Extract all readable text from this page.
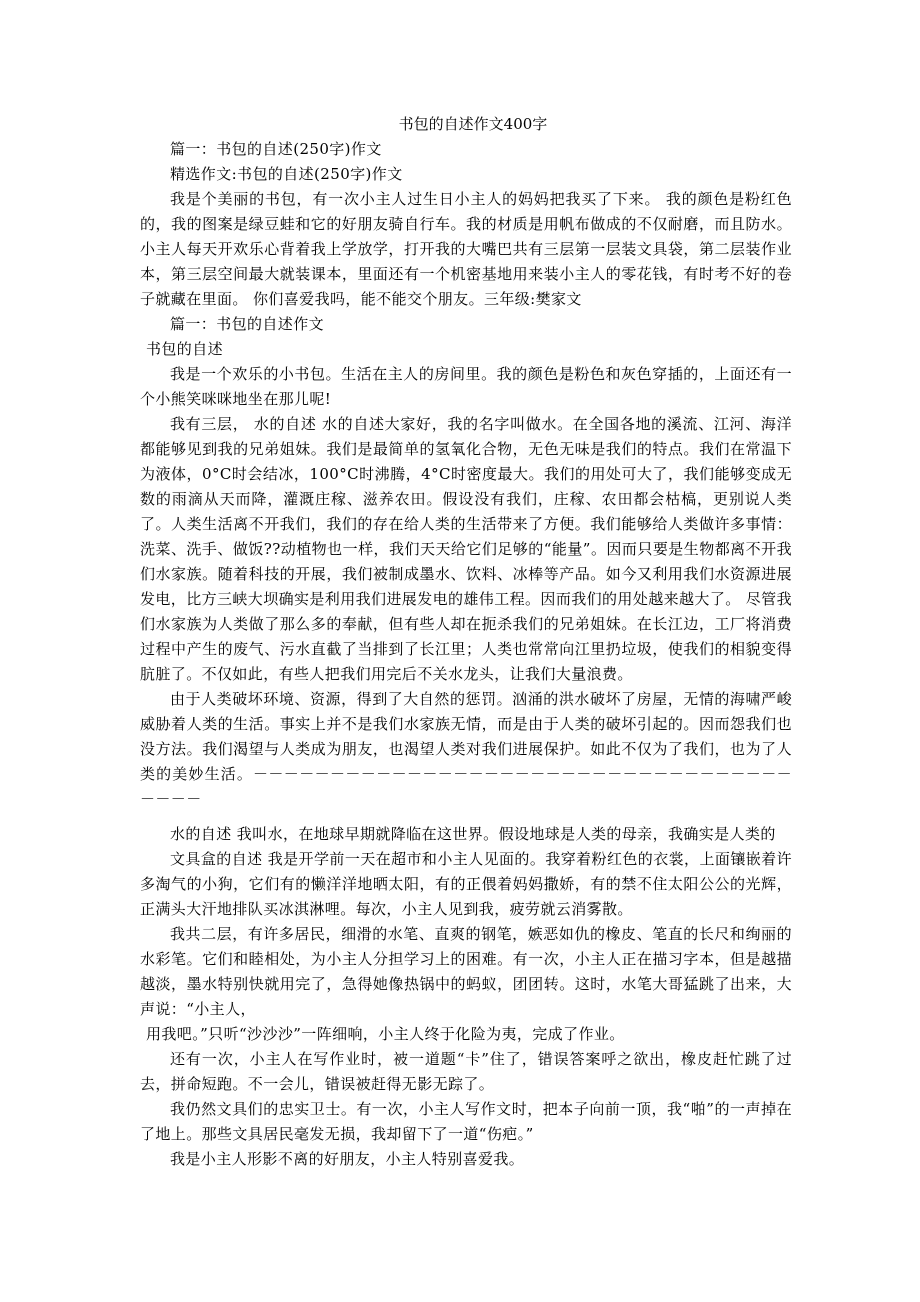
书包的自述作文400字

篇一：书包的自述(250字)作文

精选作文:书包的自述(250字)作文

我是个美丽的书包，有一次小主人过生日小主人的妈妈把我买了下来。 我的颜色是粉红色的，我的图案是绿豆蛙和它的好朋友骑自行车。我的材质是用帆布做成的不仅耐磨，而且防水。小主人每天开欢乐心背着我上学放学，打开我的大嘴巴共有三层第一层装文具袋，第二层装作业本，第三层空间最大就装课本，里面还有一个机密基地用来装小主人的零花钱，有时考不好的卷子就藏在里面。 你们喜爱我吗，能不能交个朋友。三年级:樊家文

篇一：书包的自述作文

书包的自述

我是一个欢乐的小书包。生活在主人的房间里。我的颜色是粉色和灰色穿插的，上面还有一个小熊笑咪咪地坐在那儿呢!

我有三层， 水的自述 水的自述大家好，我的名字叫做水。在全国各地的溪流、江河、海洋都能够见到我的兄弟姐妹。我们是最简单的氢氧化合物，无色无味是我们的特点。我们在常温下为液体，0°C时会结冰，100°C时沸腾，4°C时密度最大。我们的用处可大了，我们能够变成无数的雨滴从天而降，灌溉庄稼、滋养农田。假设没有我们，庄稼、农田都会枯槁，更别说人类了。人类生活离不开我们，我们的存在给人类的生活带来了方便。我们能够给人类做许多事情：洗菜、洗手、做饭??动植物也一样，我们天天给它们足够的“能量”。因而只要是生物都离不开我们水家族。随着科技的开展，我们被制成墨水、饮料、冰棒等产品。如今又利用我们水资源进展发电，比方三峡大坝确实是利用我们进展发电的雄伟工程。因而我们的用处越来越大了。 尽管我们水家族为人类做了那么多的奉献，但有些人却在扼杀我们的兄弟姐妹。在长江边，工厂将消费过程中产生的废气、污水直截了当排到了长江里；人类也常常向江里扔垃圾，使我们的相貌变得肮脏了。不仅如此，有些人把我们用完后不关水龙头，让我们大量浪费。

由于人类破坏环境、资源，得到了大自然的惩罚。汹涌的洪水破坏了房屋，无情的海啸严峻威胁着人类的生活。事实上并不是我们水家族无情，而是由于人类的破坏引起的。因而怨我们也没方法。我们渴望与人类成为朋友，也渴望人类对我们进展保护。如此不仅为了我们，也为了人类的美妙生活。－－－－－－－－－－－－－－－－－－－－－－－－－－－－－－－－－－－－－－－

水的自述 我叫水，在地球早期就降临在这世界。假设地球是人类的母亲，我确实是人类的

文具盒的自述 我是开学前一天在超市和小主人见面的。我穿着粉红色的衣裳，上面镶嵌着许多淘气的小狗，它们有的懒洋洋地晒太阳，有的正偎着妈妈撒娇，有的禁不住太阳公公的光辉，正满头大汗地排队买冰淇淋哩。每次，小主人见到我，疲劳就云消雾散。

我共二层，有许多居民，细滑的水笔、直爽的钢笔，嫉恶如仇的橡皮、笔直的长尺和绚丽的水彩笔。它们和睦相处，为小主人分担学习上的困难。有一次，小主人正在描习字本，但是越描越淡，墨水特别快就用完了，急得她像热锅中的蚂蚁，团团转。这时，水笔大哥猛跳了出来，大声说：“小主人，

用我吧。”只听“沙沙沙”一阵细响，小主人终于化险为夷，完成了作业。

还有一次，小主人在写作业时，被一道题“卡”住了，错误答案呼之欲出，橡皮赶忙跳了过去，拼命短跑。不一会儿，错误被赶得无影无踪了。

我仍然文具们的忠实卫士。有一次，小主人写作文时，把本子向前一顶，我“啪”的一声掉在了地上。那些文具居民毫发无损，我却留下了一道“伤疤。”

我是小主人形影不离的好朋友，小主人特别喜爱我。
